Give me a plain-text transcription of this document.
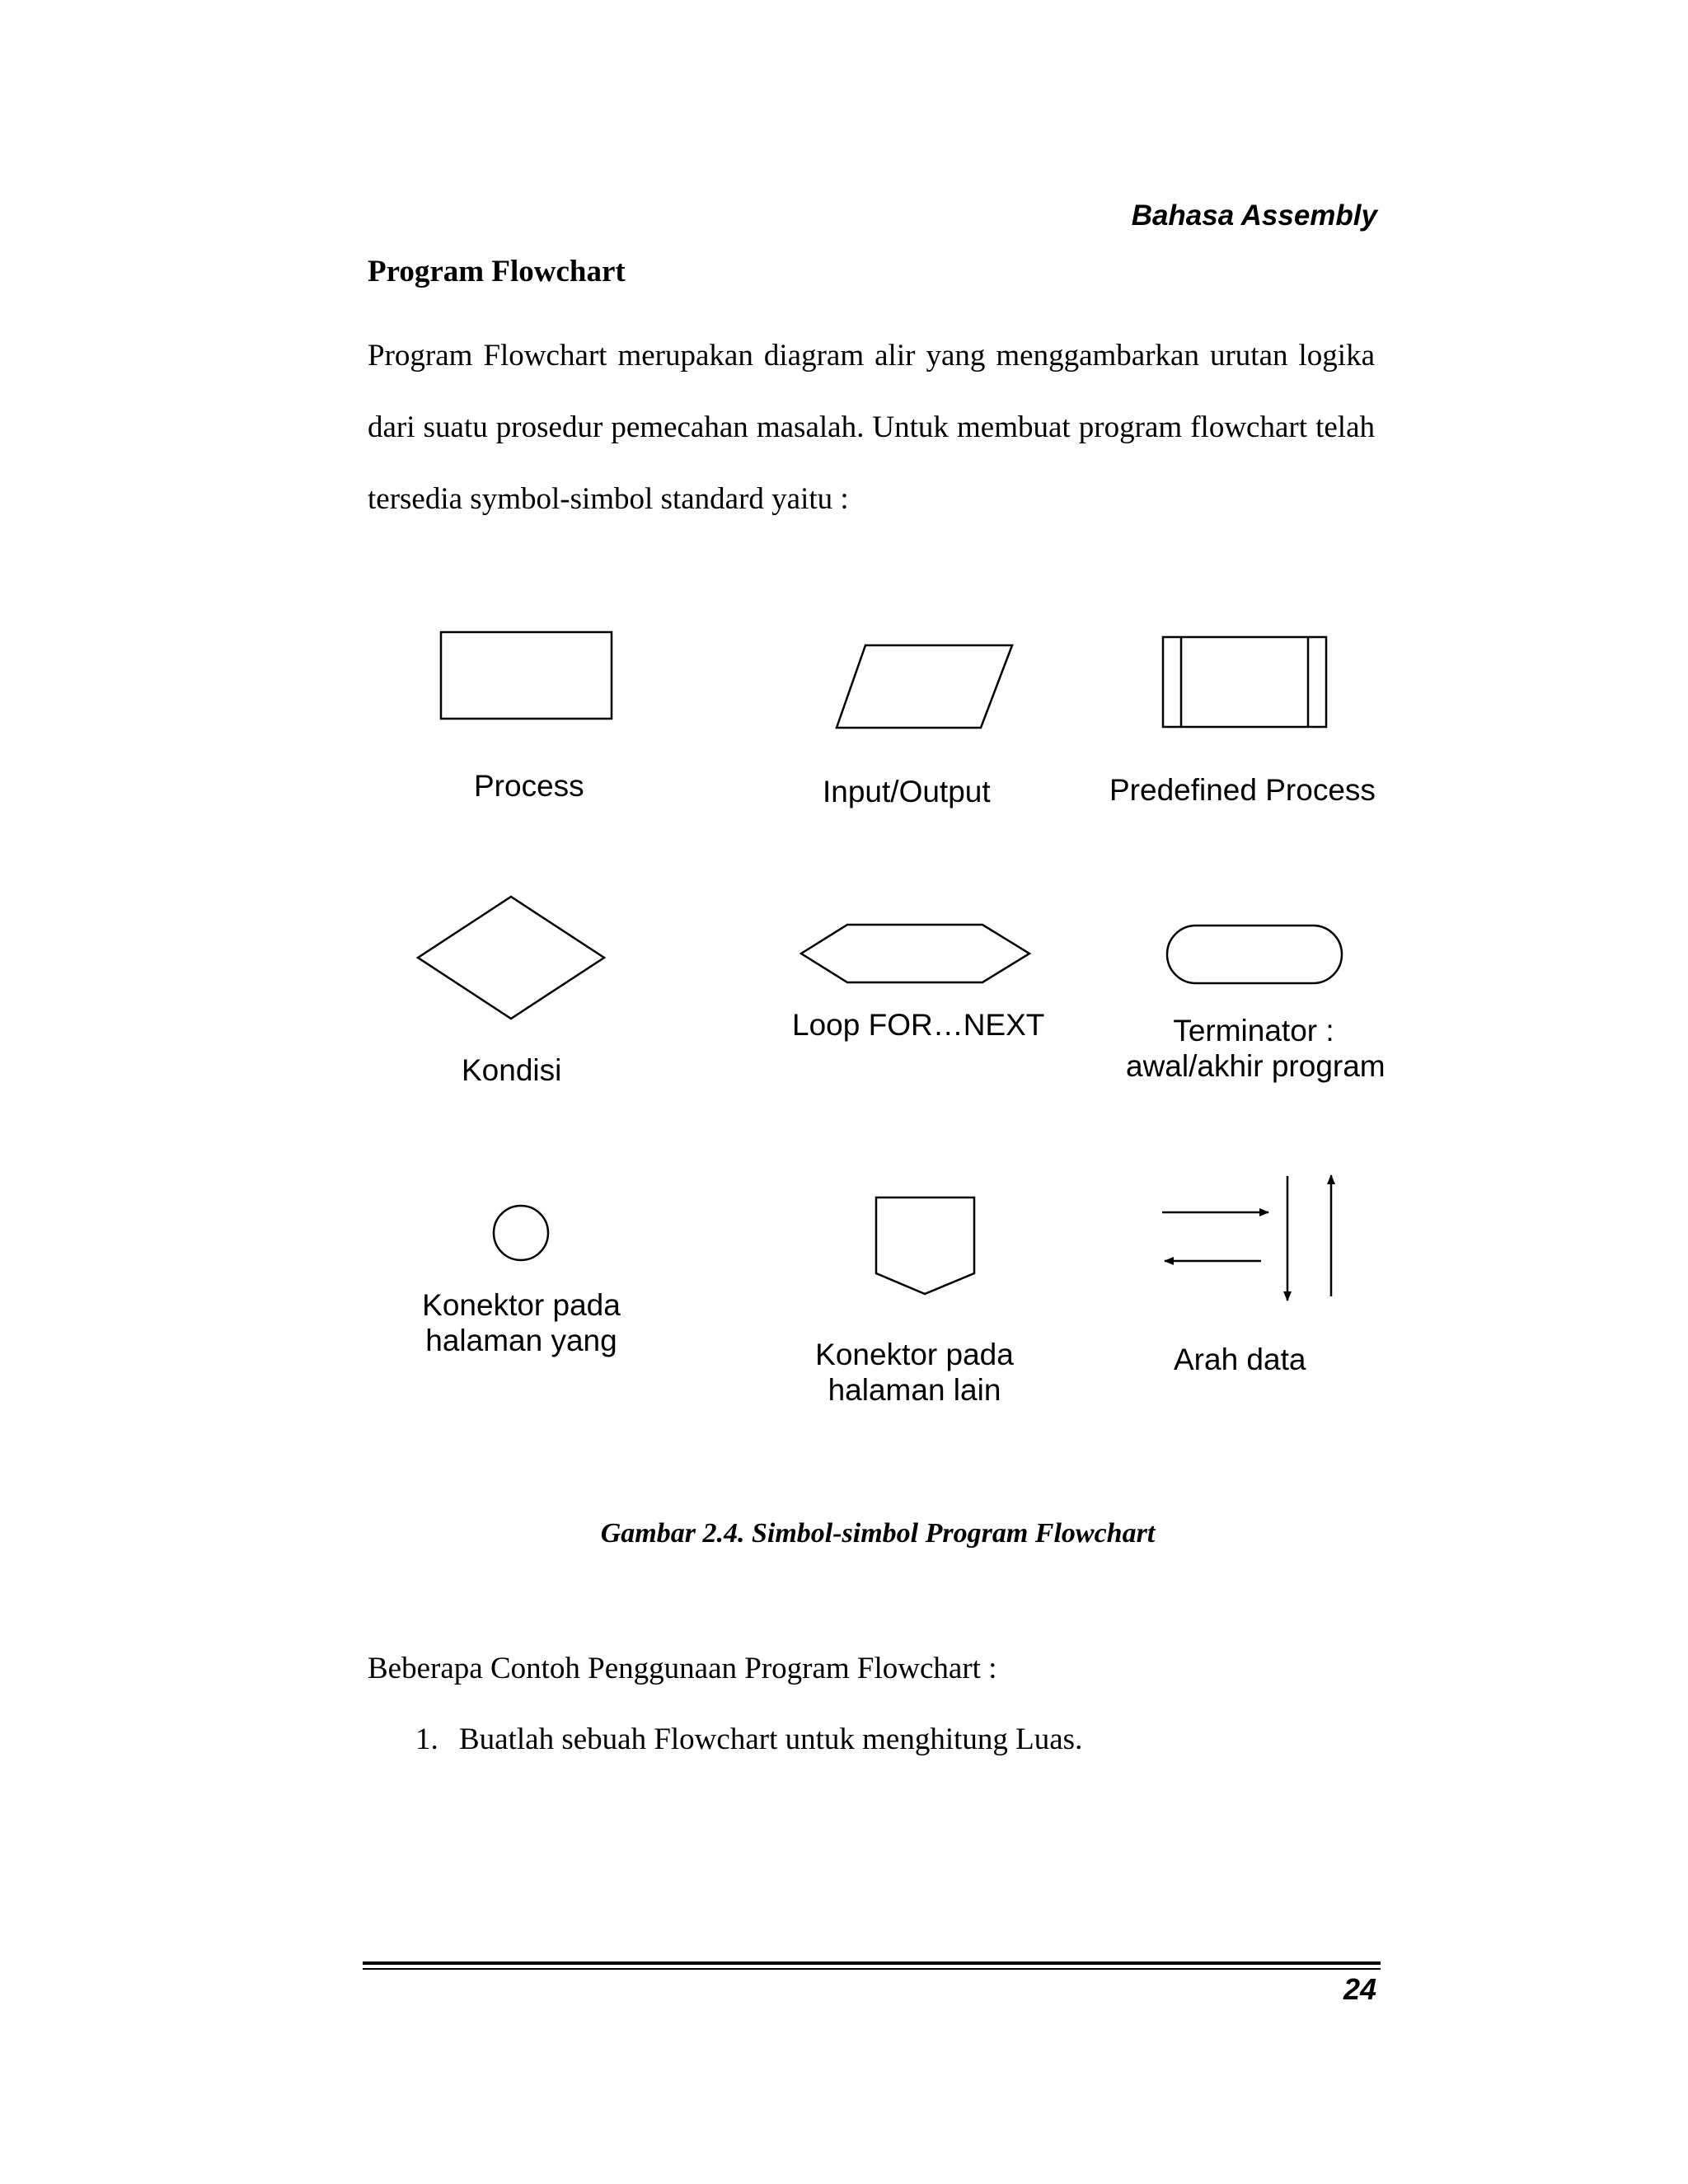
Bahasa Assembly
Program Flowchart
Program Flowchart merupakan diagram alir yang menggambarkan urutan logika dari suatu prosedur pemecahan masalah. Untuk membuat program flowchart telah tersedia symbol-simbol standard yaitu :
Process	Input/Output	Predefined Process
Kondisi
Loop FOR…NEXT	Terminator :
awal/akhir program
Konektor pada
halaman yang	Konektor pada
halaman lain
Arah data
Gambar 2.4. Simbol-simbol Program Flowchart
Beberapa Contoh Penggunaan Program Flowchart :
1. Buatlah sebuah Flowchart untuk menghitung Luas.
24
